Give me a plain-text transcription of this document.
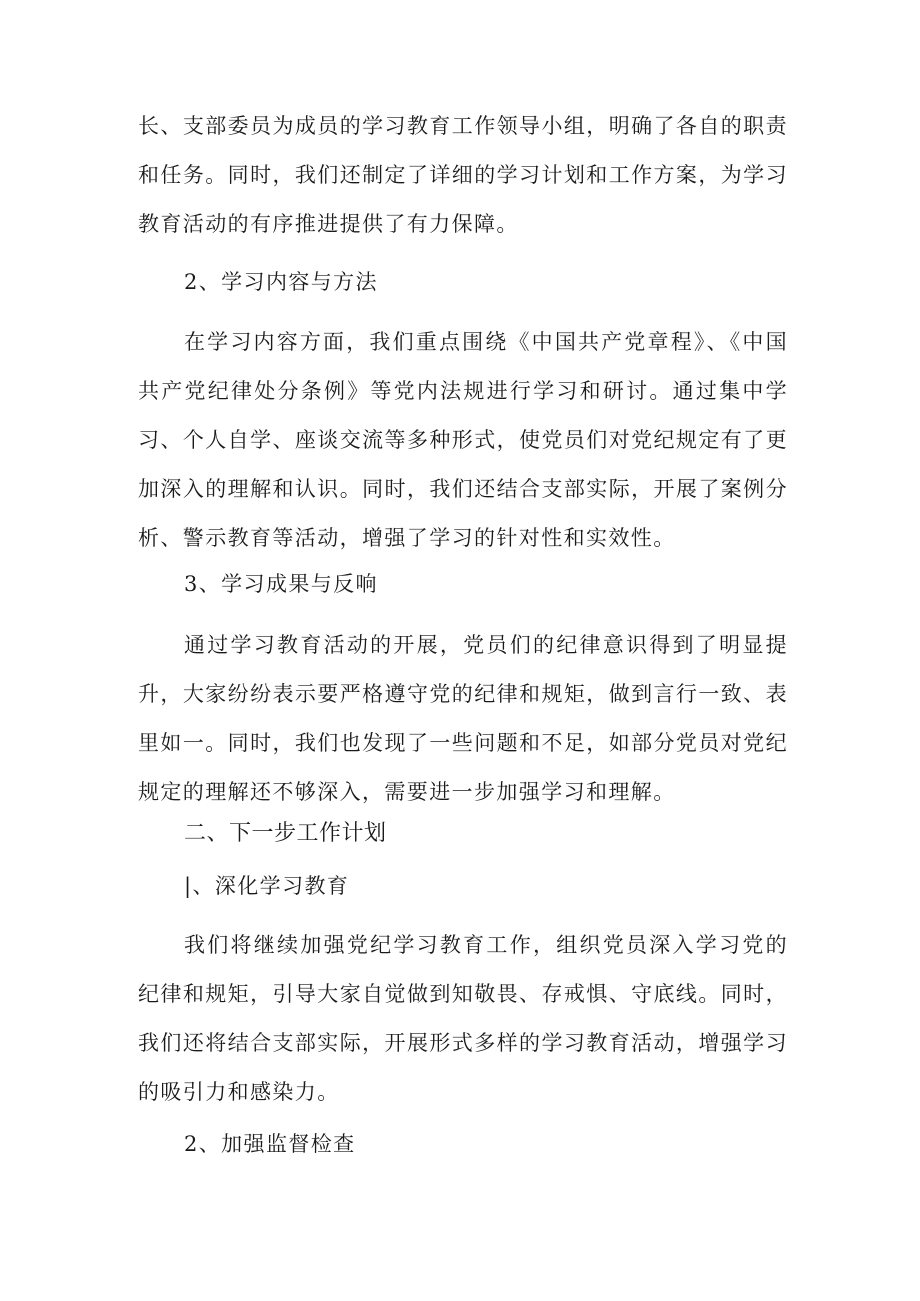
长、支部委员为成员的学习教育工作领导小组，明确了各自的职责和任务。同时，我们还制定了详细的学习计划和工作方案，为学习教育活动的有序推进提供了有力保障。

2、学习内容与方法

在学习内容方面，我们重点围绕《中国共产党章程》、《中国共产党纪律处分条例》等党内法规进行学习和研讨。通过集中学习、个人自学、座谈交流等多种形式，使党员们对党纪规定有了更加深入的理解和认识。同时，我们还结合支部实际，开展了案例分析、警示教育等活动，增强了学习的针对性和实效性。

3、学习成果与反响

通过学习教育活动的开展，党员们的纪律意识得到了明显提升，大家纷纷表示要严格遵守党的纪律和规矩，做到言行一致、表里如一。同时，我们也发现了一些问题和不足，如部分党员对党纪规定的理解还不够深入，需要进一步加强学习和理解。

二、下一步工作计划

|、深化学习教育

我们将继续加强党纪学习教育工作，组织党员深入学习党的纪律和规矩，引导大家自觉做到知敬畏、存戒惧、守底线。同时，我们还将结合支部实际，开展形式多样的学习教育活动，增强学习的吸引力和感染力。

2、加强监督检查
